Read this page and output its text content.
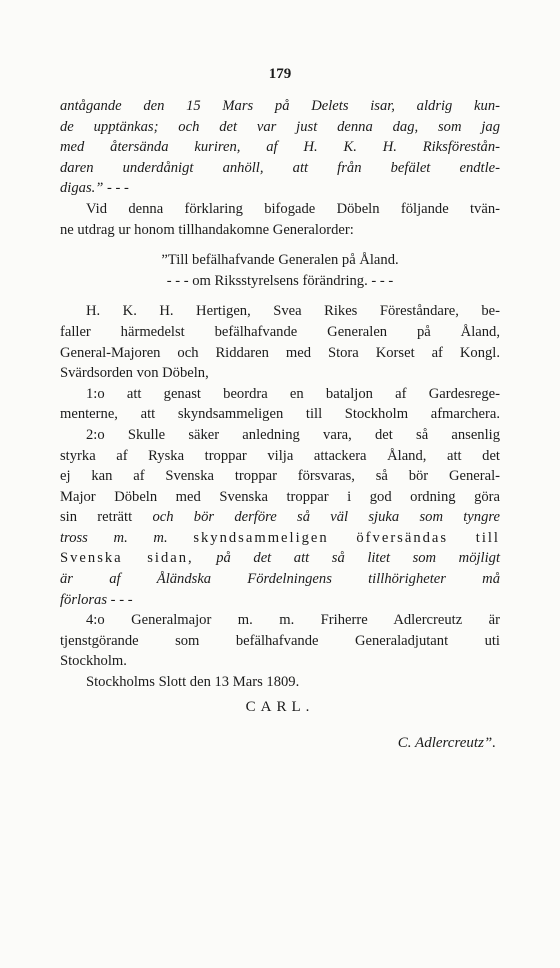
179
antågande den 15 Mars på Delets isar, aldrig kun-
de upptänkas; och det var just denna dag, som jag
med återsända kuriren, af H. K. H. Riksförestån-
daren underdånigt anhöll, att från befälet endtle-
digas.” - - -
Vid denna förklaring bifogade Döbeln följande tvän-
ne utdrag ur honom tillhandakomne Generalorder:
”Till befälhafvande Generalen på Åland.
- - - om Riksstyrelsens förändring. - - -
H. K. H. Hertigen, Svea Rikes Föreståndare, be-
faller härmedelst befälhafvande Generalen på Åland,
General-Majoren och Riddaren med Stora Korset af Kongl.
Svärdsorden von Döbeln,
1:o att genast beordra en bataljon af Gardesregе-
menterne, att skyndsammeligen till Stockholm afmarchera.
2:o Skulle säker anledning vara, det så ansenlig
styrka af Ryska troppar vilja attackera Åland, att det
ej kan af Svenska troppar försvaras, så bör General-
Major Döbeln med Svenska troppar i god ordning göra
sin reträtt och bör derföre så väl sjuka som tyngre
tross m. m. skyndsammeligen öfversändas till
Svenska sidan, på det att så litet som möjligt
är af Åländska Fördelningens tillhörigheter må
förloras - - -
4:o Generalmajor m. m. Friherre Adlercreutz är
tjenstgörande som befälhafvande Generaladjutant uti
Stockholm.
Stockholms Slott den 13 Mars 1809.
CARL.
C. Adlercreutz”.
